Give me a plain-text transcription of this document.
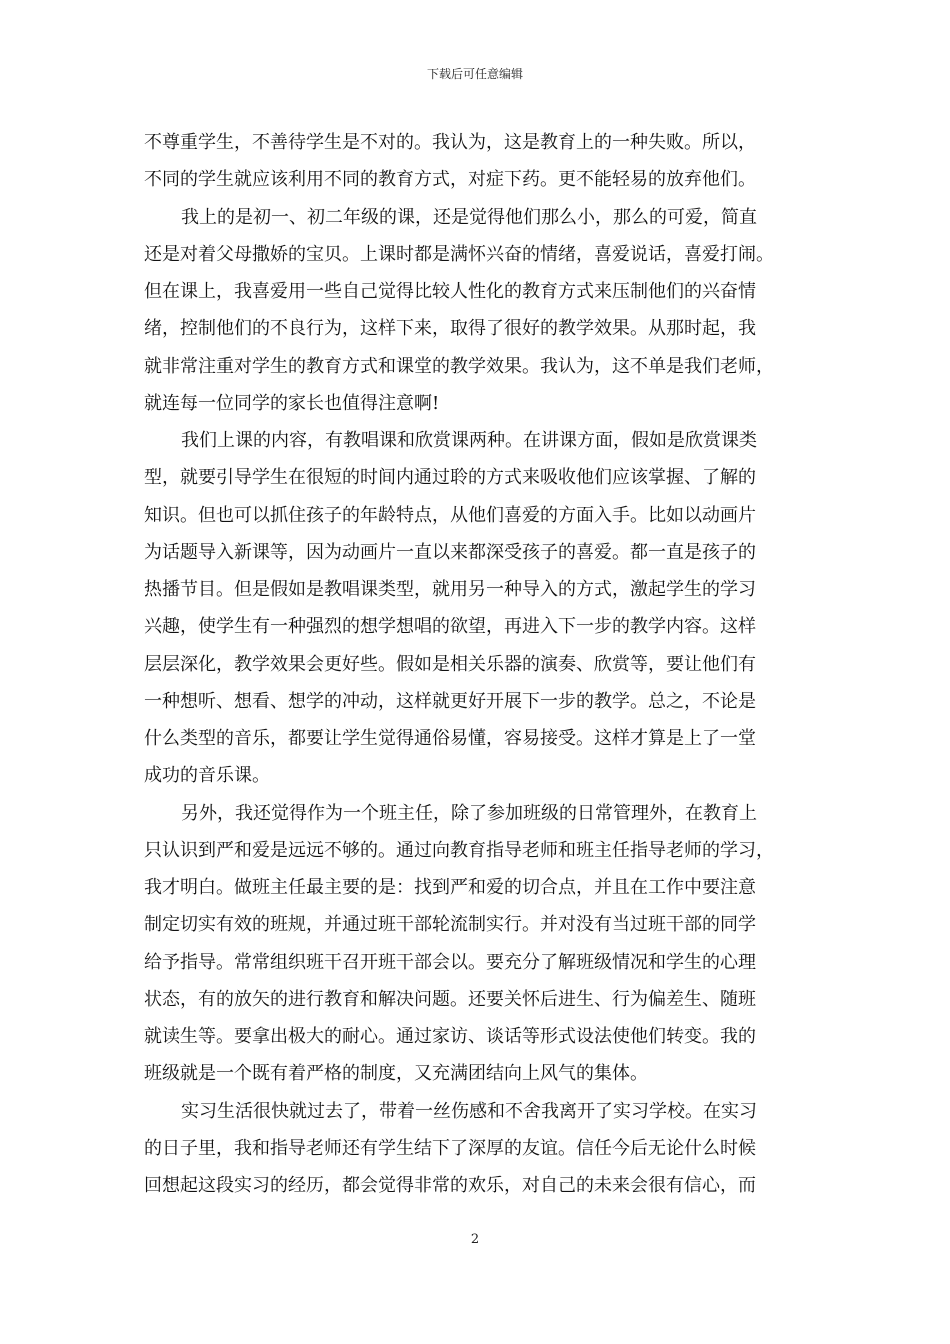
下载后可任意编辑
不尊重学生，不善待学生是不对的。我认为，这是教育上的一种失败。所以，
不同的学生就应该利用不同的教育方式，对症下药。更不能轻易的放弃他们。
我上的是初一、初二年级的课，还是觉得他们那么小，那么的可爱，简直
还是对着父母撒娇的宝贝。上课时都是满怀兴奋的情绪，喜爱说话，喜爱打闹。
但在课上，我喜爱用一些自己觉得比较人性化的教育方式来压制他们的兴奋情
绪，控制他们的不良行为，这样下来，取得了很好的教学效果。从那时起，我
就非常注重对学生的教育方式和课堂的教学效果。我认为，这不单是我们老师，
就连每一位同学的家长也值得注意啊!
我们上课的内容，有教唱课和欣赏课两种。在讲课方面，假如是欣赏课类
型，就要引导学生在很短的时间内通过聆的方式来吸收他们应该掌握、了解的
知识。但也可以抓住孩子的年龄特点，从他们喜爱的方面入手。比如以动画片
为话题导入新课等，因为动画片一直以来都深受孩子的喜爱。都一直是孩子的
热播节目。但是假如是教唱课类型，就用另一种导入的方式，激起学生的学习
兴趣，使学生有一种强烈的想学想唱的欲望，再进入下一步的教学内容。这样
层层深化，教学效果会更好些。假如是相关乐器的演奏、欣赏等，要让他们有
一种想听、想看、想学的冲动，这样就更好开展下一步的教学。总之，不论是
什么类型的音乐，都要让学生觉得通俗易懂，容易接受。这样才算是上了一堂
成功的音乐课。
另外，我还觉得作为一个班主任，除了参加班级的日常管理外，在教育上
只认识到严和爱是远远不够的。通过向教育指导老师和班主任指导老师的学习，
我才明白。做班主任最主要的是：找到严和爱的切合点，并且在工作中要注意
制定切实有效的班规，并通过班干部轮流制实行。并对没有当过班干部的同学
给予指导。常常组织班干召开班干部会以。要充分了解班级情况和学生的心理
状态，有的放矢的进行教育和解决问题。还要关怀后进生、行为偏差生、随班
就读生等。要拿出极大的耐心。通过家访、谈话等形式设法使他们转变。我的
班级就是一个既有着严格的制度，又充满团结向上风气的集体。
实习生活很快就过去了，带着一丝伤感和不舍我离开了实习学校。在实习
的日子里，我和指导老师还有学生结下了深厚的友谊。信任今后无论什么时候
回想起这段实习的经历，都会觉得非常的欢乐，对自己的未来会很有信心，而
2
